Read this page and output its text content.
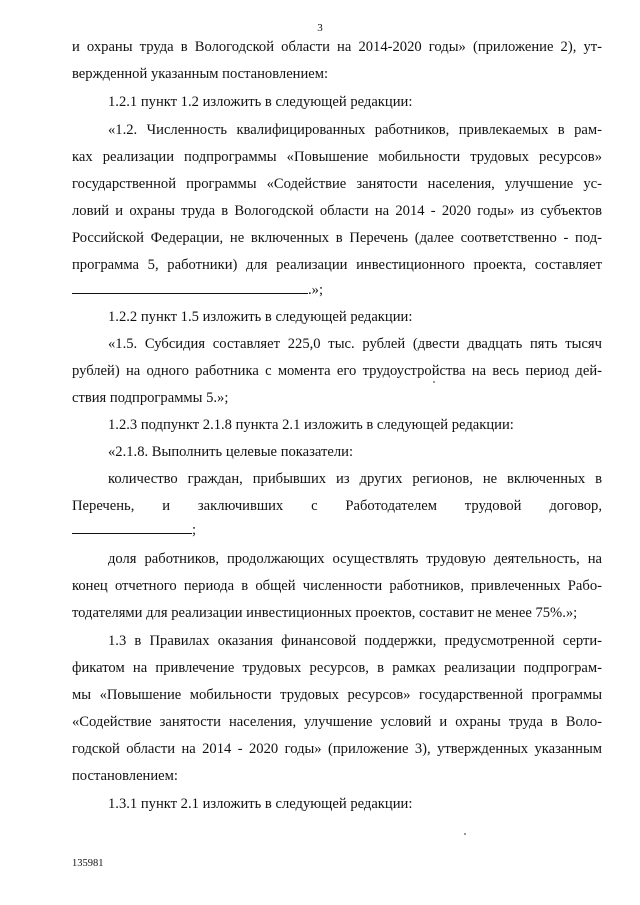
3
и охраны труда в Вологодской области на 2014-2020 годы» (приложение 2), ут-
вержденной указанным постановлением:
1.2.1 пункт 1.2 изложить в следующей редакции:
«1.2. Численность квалифицированных работников, привлекаемых в рам-
ках реализации подпрограммы «Повышение мобильности трудовых ресурсов»
государственной программы «Содействие занятости населения, улучшение ус-
ловий и охраны труда в Вологодской области на 2014 - 2020 годы» из субъектов
Российской Федерации, не включенных в Перечень (далее соответственно - под-
программа 5, работники) для реализации инвестиционного проекта, составляет
.»;
1.2.2 пункт 1.5 изложить в следующей редакции:
«1.5. Субсидия составляет 225,0 тыс. рублей (двести двадцать пять тысяч
рублей) на одного работника с момента его трудоустройства на весь период дей-
ствия подпрограммы 5.»;
1.2.3 подпункт 2.1.8 пункта 2.1 изложить в следующей редакции:
«2.1.8. Выполнить целевые показатели:
количество граждан, прибывших из других регионов, не включенных в
Перечень, и заключивших с Работодателем трудовой договор,
;
доля работников, продолжающих осуществлять трудовую деятельность, на
конец отчетного периода в общей численности работников, привлеченных Рабо-
тодателями для реализации инвестиционных проектов, составит не менее 75%.»;
1.3 в Правилах оказания финансовой поддержки, предусмотренной серти-
фикатом на привлечение трудовых ресурсов, в рамках реализации подпрограм-
мы «Повышение мобильности трудовых ресурсов» государственной программы
«Содействие занятости населения, улучшение условий и охраны труда в Воло-
годской области на 2014 - 2020 годы» (приложение 3), утвержденных указанным
постановлением:
1.3.1 пункт 2.1 изложить в следующей редакции:
135981
